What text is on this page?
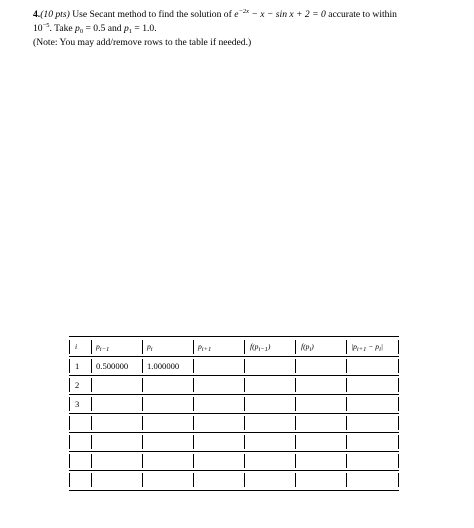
4.(10 pts) Use Secant method to find the solution of $e^{-2x} - x - \sin x + 2 = 0$ accurate to within
$10^{-5}$. Take $p_0 = 0.5$ and $p_1 = 1.0$.
(Note: You may add/remove rows to the table if needed.)
i $p_{i-1}$	$p_i$	$p_{i+1}$	$f(p_{i-1})$	$f(p_i)$	$|p_{i+1} - p_i|$
1 0.500000 1.000000
2
3
